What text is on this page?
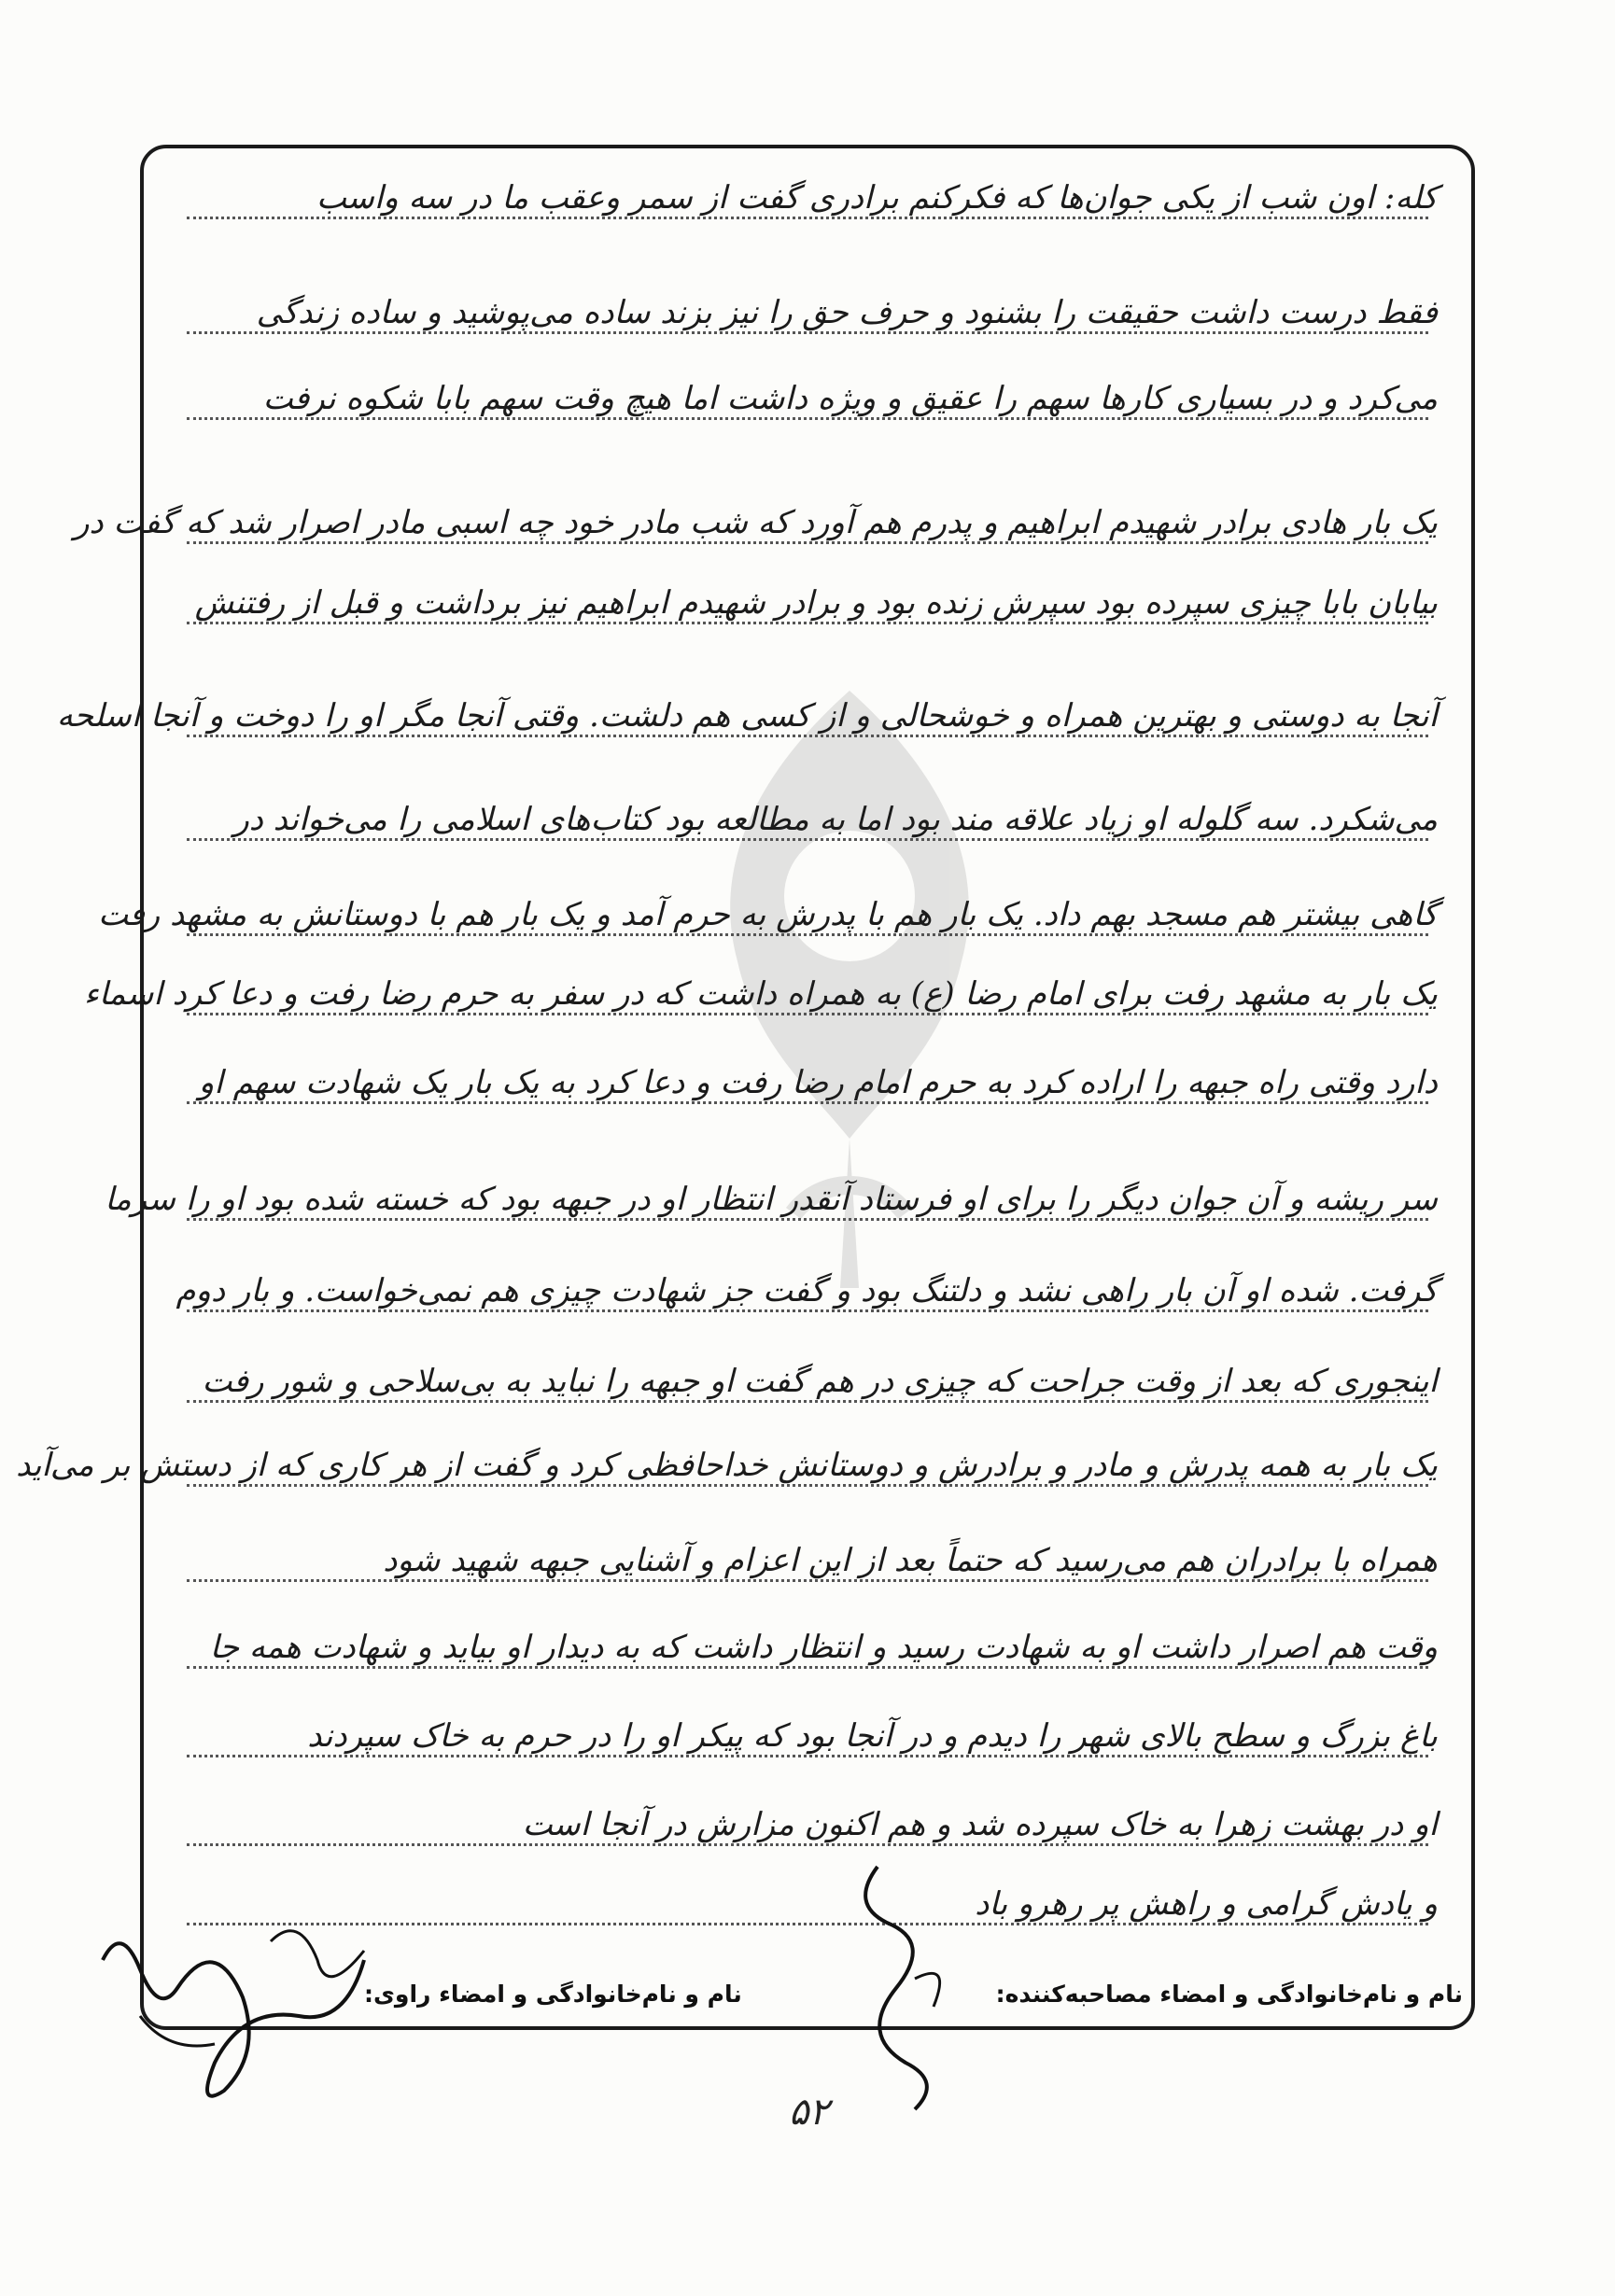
کله: اون شب از یکی جوان‌ها که فکرکنم برادری گفت از سمر وعقب ما در سه واسب
فقط درست داشت حقیقت را بشنود و حرف حق را نیز بزند ساده می‌پوشید و ساده زندگی
می‌کرد و در بسیاری کارها سهم را عقیق و ویژه داشت اما هیچ وقت سهم بابا شکوه نرفت
یک بار هادی برادر شهیدم ابراهیم و پدرم هم آورد که شب مادر خود چه اسبی مادر اصرار شد که گفت در
بیابان بابا چیزی سپرده بود سپرش زنده بود و برادر شهیدم ابراهیم نیز برداشت و قبل از رفتنش
آنجا به دوستی و بهترین همراه و خوشحالی و از کسی هم دلشت. وقتی آنجا مگر او را دوخت و آنجا اسلحه
می‌شکرد. سه گلوله او زیاد علاقه مند بود اما به مطالعه بود کتاب‌های اسلامی را می‌خواند در
گاهی بیشتر هم مسجد بهم داد. یک بار هم با پدرش به حرم آمد و یک بار هم با دوستانش به مشهد رفت
یک بار به مشهد رفت برای امام رضا (ع) به همراه داشت که در سفر به حرم رضا رفت و دعا کرد اسماء
دارد وقتی راه جبهه را اراده کرد به حرم امام رضا رفت و دعا کرد به یک بار یک شهادت سهم او
سر ریشه و آن جوان دیگر را برای او فرستاد آنقدر انتظار او در جبهه بود که خسته شده بود او را سرما
گرفت. شده او آن بار راهی نشد و دلتنگ بود و گفت جز شهادت چیزی هم نمی‌خواست. و بار دوم
اینجوری که بعد از وقت جراحت که چیزی در هم گفت او جبهه را نباید به بی‌سلاحی و شور رفت
یک بار به همه پدرش و مادر و برادرش و دوستانش خداحافظی کرد و گفت از هر کاری که از دستش بر می‌آید
همراه با برادران هم می‌رسید که حتماً بعد از این اعزام و آشنایی جبهه شهید شود
وقت هم اصرار داشت او به شهادت رسید و انتظار داشت که به دیدار او بیاید و شهادت همه جا
باغ بزرگ و سطح بالای شهر را دیدم و در آنجا بود که پیکر او را در حرم به خاک سپردند
او در بهشت زهرا به خاک سپرده شد و هم اکنون مزارش در آنجا است
و یادش گرامی و راهش پر رهرو باد
نام و نام‌خانوادگی و امضاء مصاحبه‌کننده:
نام و نام‌خانوادگی و امضاء راوی:
۵۲
